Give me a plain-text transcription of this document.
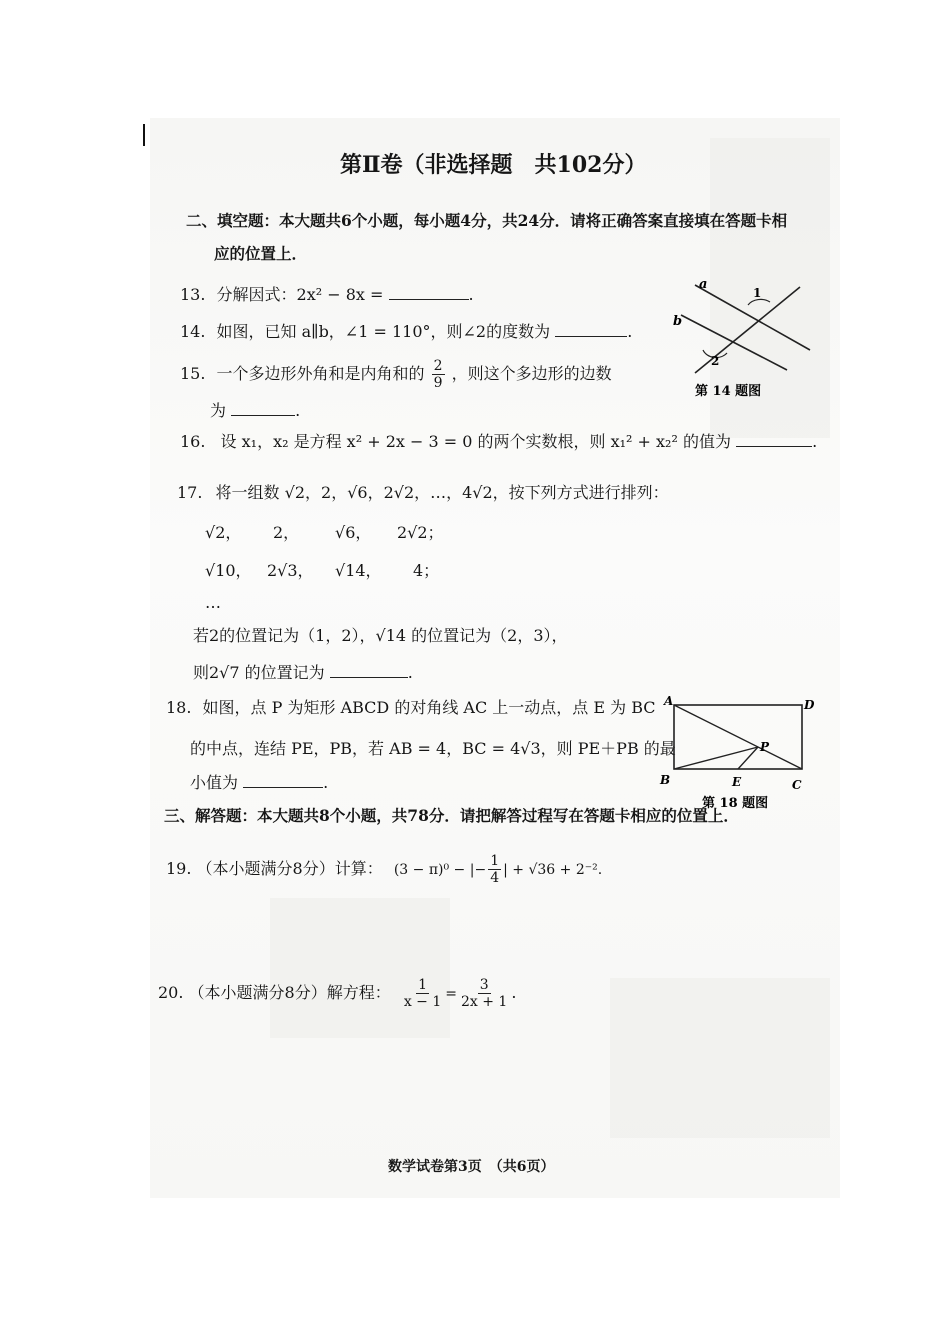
第Ⅱ卷（非选择题　共102分）
二、填空题：本大题共6个小题，每小题4分，共24分．请将正确答案直接填在答题卡相
应的位置上．
13. 分解因式：2x² − 8x =	.
14. 如图，已知 a∥b，∠1 = 110°，则∠2的度数为	.
15. 一个多边形外角和是内角和的 $\frac{2}{9}$ ，则这个多边形的边数
为	.
a
b
1
2
第 14 题图
16. 设 x₁，x₂ 是方程 x² + 2x − 3 = 0 的两个实数根，则 x₁² + x₂² 的值为	.
17. 将一组数 √2，2，√6，2√2，…，4√2，按下列方式进行排列：
√2， 2， √6， 2√2；
√10， 2√3， √14， 4；
…
若2的位置记为（1，2），√14 的位置记为（2，3），
则2√7 的位置记为	.
18. 如图，点 P 为矩形 ABCD 的对角线 AC 上一动点，点 E 为 BC
的中点，连结 PE，PB，若 AB = 4，BC = 4√3，则 PE＋PB 的最
小值为	.
A	D
B	C
E
P
第 18 题图
三、解答题：本大题共8个小题，共78分．请把解答过程写在答题卡相应的位置上．
19. （本小题满分8分）计算： (3 − π)⁰ − |− $\frac{1}{4}$ | + √36 + 2⁻².
20. （本小题满分8分）解方程： $\frac{1}{x - 1} = \frac{3}{2x + 1}$ .
数学试卷第3页　（共6页）
